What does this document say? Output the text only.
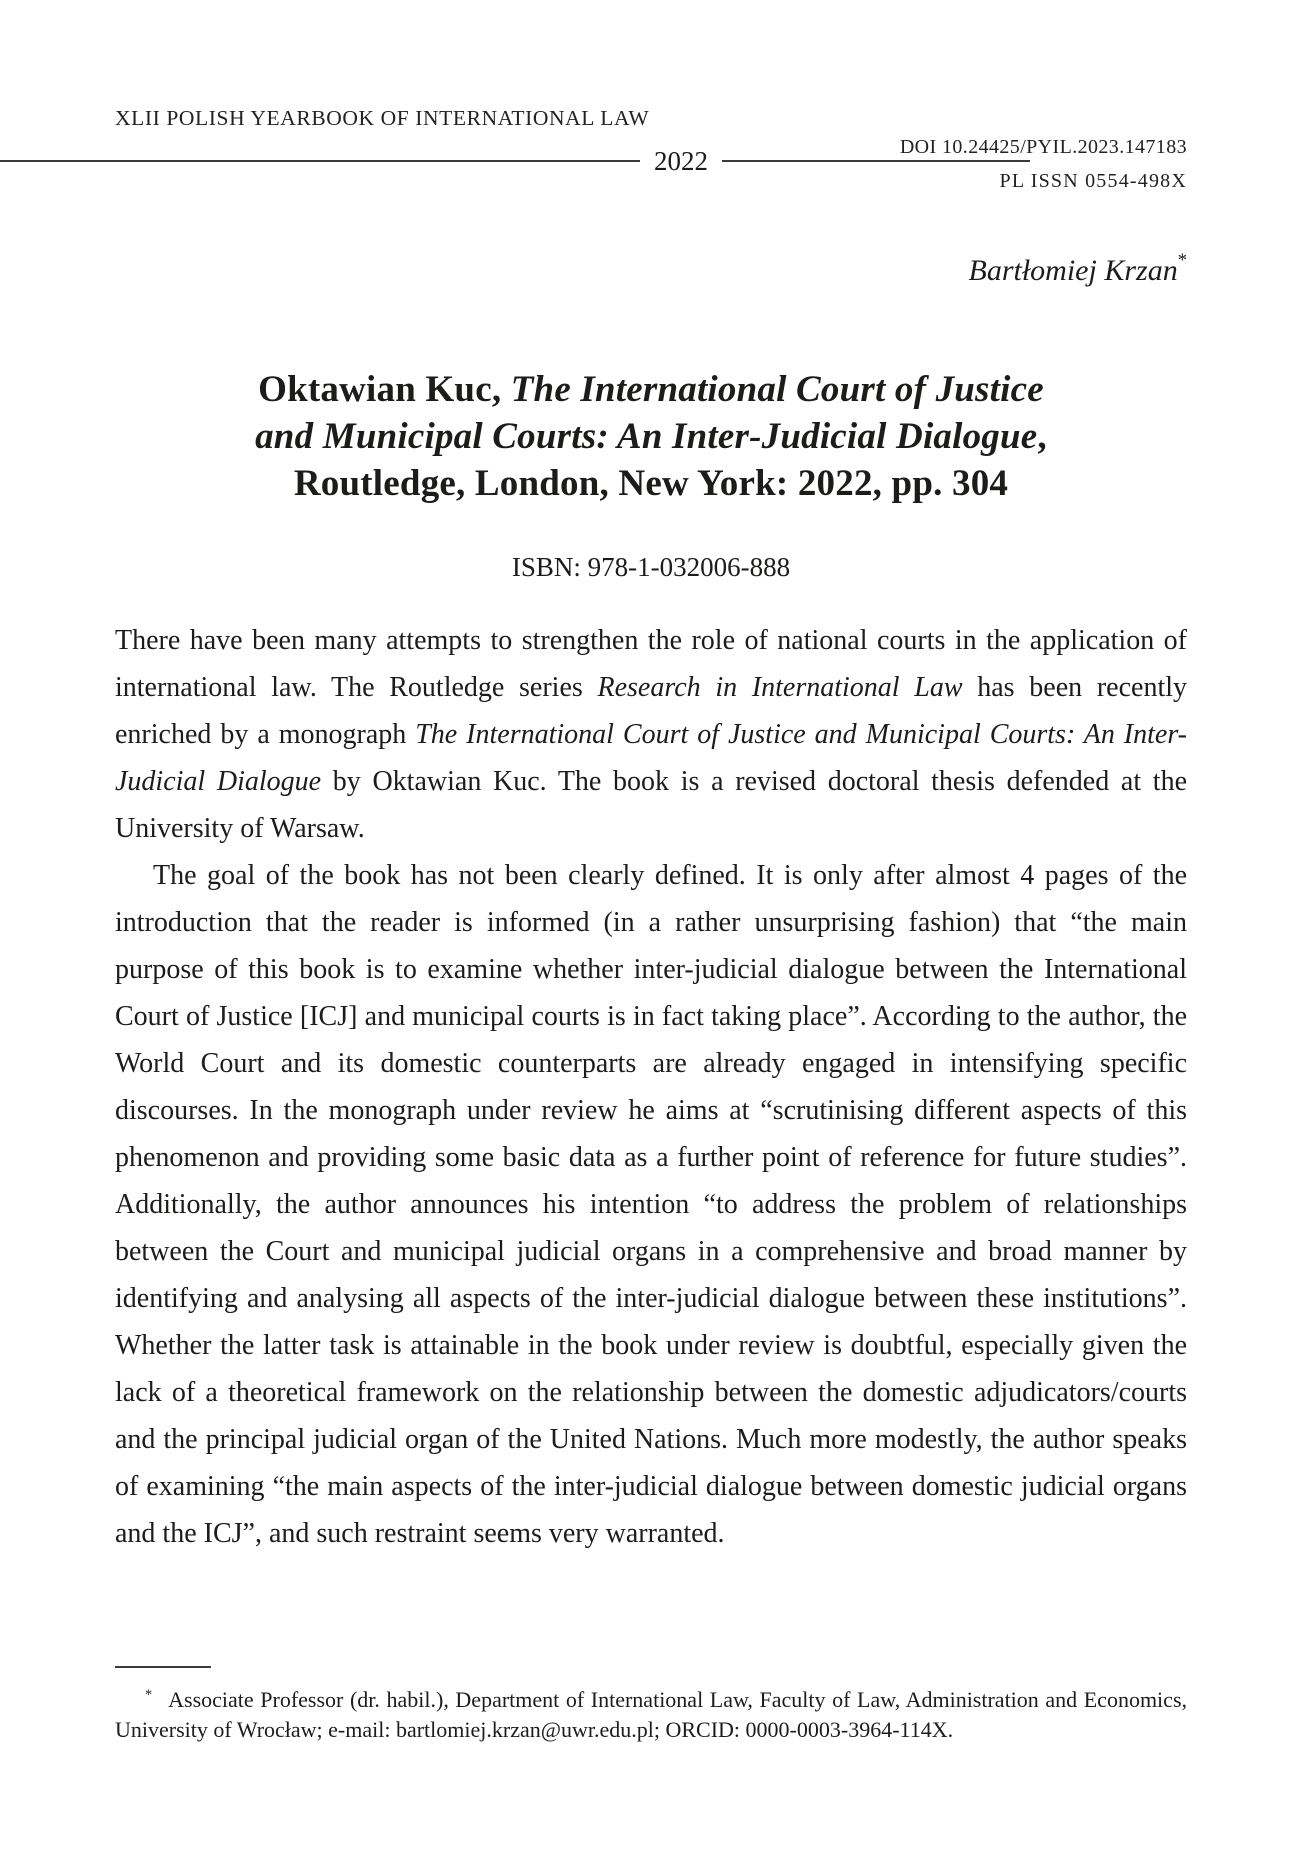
XLII POLISH YEARBOOK OF INTERNATIONAL LAW
DOI 10.24425/PYIL.2023.147183
2022
PL ISSN 0554-498X
Bartłomiej Krzan*
Oktawian Kuc, The International Court of Justice
and Municipal Courts: An Inter-Judicial Dialogue,
Routledge, London, New York: 2022, pp. 304
ISBN: 978-1-032006-888

There have been many attempts to strengthen the role of national courts in the application of international law. The Routledge series Research in International Law has been recently enriched by a monograph The International Court of Justice and Municipal Courts: An Inter-Judicial Dialogue by Oktawian Kuc. The book is a revised doctoral thesis defended at the University of Warsaw.

The goal of the book has not been clearly defined. It is only after almost 4 pages of the introduction that the reader is informed (in a rather unsurprising fashion) that “the main purpose of this book is to examine whether inter-judicial dialogue between the International Court of Justice [ICJ] and municipal courts is in fact taking place”. According to the author, the World Court and its domestic counterparts are already engaged in intensifying specific discourses. In the monograph under review he aims at “scrutinising different aspects of this phenomenon and providing some basic data as a further point of reference for future studies”. Additionally, the author announces his intention “to address the problem of relationships between the Court and municipal judicial organs in a comprehensive and broad manner by identifying and analysing all aspects of the inter-judicial dialogue between these institutions”. Whether the latter task is attainable in the book under review is doubtful, especially given the lack of a theoretical framework on the relationship between the domestic adjudicators/courts and the principal judicial organ of the United Nations. Much more modestly, the author speaks of examining “the main aspects of the inter-judicial dialogue between domestic judicial organs and the ICJ”, and such restraint seems very warranted.

* Associate Professor (dr. habil.), Department of International Law, Faculty of Law, Administration and Economics, University of Wrocław; e-mail: bartlomiej.krzan@uwr.edu.pl; ORCID: 0000-0003-3964-114X.
